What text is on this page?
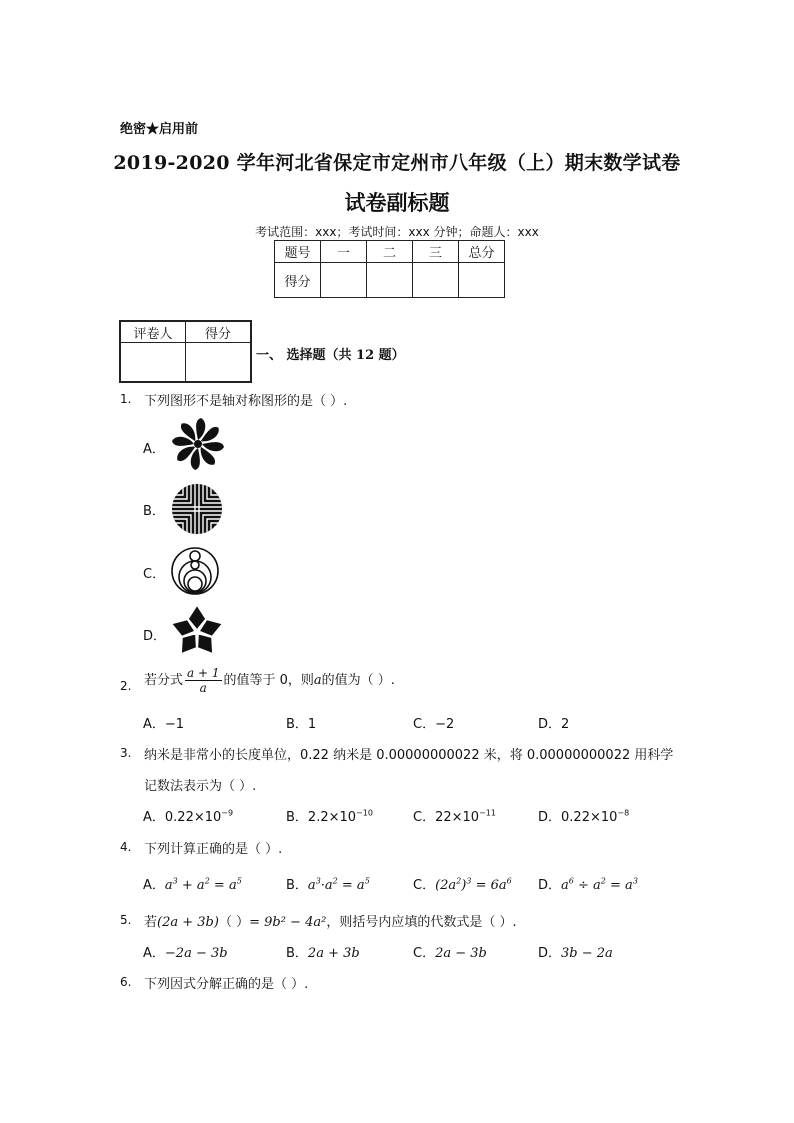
绝密★启用前
2019-2020 学年河北省保定市定州市八年级（上）期末数学试卷
试卷副标题
考试范围：xxx；考试时间：xxx 分钟；命题人：xxx
题号	一	二	三	总分
得分				
评卷人	得分

一、 选择题（共 12 题）
1. 下列图形不是轴对称图形的是（ ）.
A．
B．
C．
D．
2. 若分式 $\frac{a + 1}{a}$ 的值等于 0，则a的值为（ ）.
A．−1	B．1	C．−2	D．2
3. 纳米是非常小的长度单位，0.22 纳米是 0.00000000022 米，将 0.00000000022 用科学
记数法表示为（ ）.
A．$0.22\times 10^{-9}$	B．$2.2\times 10^{-10}$	C．$22\times 10^{-11}$	D．$0.22\times 10^{-8}$
4. 下列计算正确的是（ ）.
A．$a^3 + a^2 = a^5$	B．$a^3\cdot a^2 = a^5$	C．$(2a^2)^3 = 6a^6$ D．$a^6 \div a^2 = a^3$
5. 若(2a + 3b)（ ）= 9b² − 4a²，则括号内应填的代数式是（ ）.
A．−2a − 3b	B．2a + 3b	C．2a − 3b	D．3b − 2a
6. 下列因式分解正确的是（ ）.
